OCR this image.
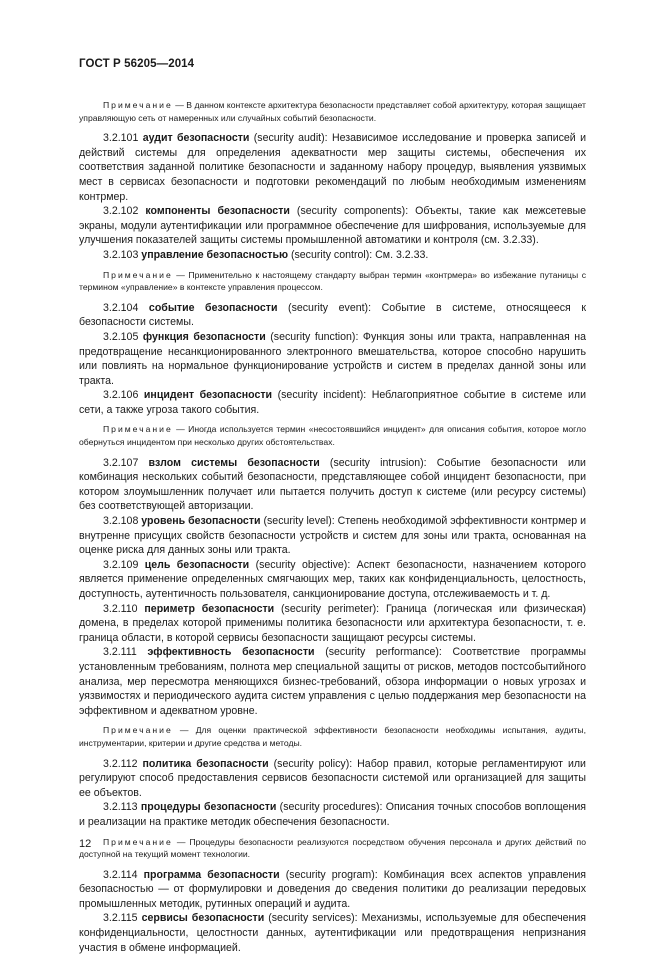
ГОСТ Р 56205—2014

Примечание — В данном контексте архитектура безопасности представляет собой архитектуру, которая защищает управляющую сеть от намеренных или случайных событий безопасности.

3.2.101 аудит безопасности (security audit): Независимое исследование и проверка записей и действий системы для определения адекватности мер защиты системы, обеспечения их соответствия заданной политике безопасности и заданному набору процедур, выявления уязвимых мест в сервисах безопасности и подготовки рекомендаций по любым необходимым изменениям контрмер.

3.2.102 компоненты безопасности (security components): Объекты, такие как межсетевые экраны, модули аутентификации или программное обеспечение для шифрования, используемые для улучшения показателей защиты системы промышленной автоматики и контроля (см. 3.2.33).

3.2.103 управление безопасностью (security control): См. 3.2.33.

Примечание — Применительно к настоящему стандарту выбран термин «контрмера» во избежание путаницы с термином «управление» в контексте управления процессом.

3.2.104 событие безопасности (security event): Событие в системе, относящееся к безопасности системы.

3.2.105 функция безопасности (security function): Функция зоны или тракта, направленная на предотвращение несанкционированного электронного вмешательства, которое способно нарушить или повлиять на нормальное функционирование устройств и систем в пределах данной зоны или тракта.

3.2.106 инцидент безопасности (security incident): Неблагоприятное событие в системе или сети, а также угроза такого события.

Примечание — Иногда используется термин «несостоявшийся инцидент» для описания события, которое могло обернуться инцидентом при несколько других обстоятельствах.

3.2.107 взлом системы безопасности (security intrusion): Событие безопасности или комбинация нескольких событий безопасности, представляющее собой инцидент безопасности, при котором злоумышленник получает или пытается получить доступ к системе (или ресурсу системы) без соответствующей авторизации.

3.2.108 уровень безопасности (security level): Степень необходимой эффективности контрмер и внутренне присущих свойств безопасности устройств и систем для зоны или тракта, основанная на оценке риска для данных зоны или тракта.

3.2.109 цель безопасности (security objective): Аспект безопасности, назначением которого является применение определенных смягчающих мер, таких как конфиденциальность, целостность, доступность, аутентичность пользователя, санкционирование доступа, отслеживаемость и т. д.

3.2.110 периметр безопасности (security perimeter): Граница (логическая или физическая) домена, в пределах которой применимы политика безопасности или архитектура безопасности, т. е. граница области, в которой сервисы безопасности защищают ресурсы системы.

3.2.111 эффективность безопасности (security performance): Соответствие программы установленным требованиям, полнота мер специальной защиты от рисков, методов постсобытийного анализа, мер пересмотра меняющихся бизнес-требований, обзора информации о новых угрозах и уязвимостях и периодического аудита систем управления с целью поддержания мер безопасности на эффективном и адекватном уровне.

Примечание — Для оценки практической эффективности безопасности необходимы испытания, аудиты, инструментарии, критерии и другие средства и методы.

3.2.112 политика безопасности (security policy): Набор правил, которые регламентируют или регулируют способ предоставления сервисов безопасности системой или организацией для защиты ее объектов.

3.2.113 процедуры безопасности (security procedures): Описания точных способов воплощения и реализации на практике методик обеспечения безопасности.

Примечание — Процедуры безопасности реализуются посредством обучения персонала и других действий по доступной на текущий момент технологии.

3.2.114 программа безопасности (security program): Комбинация всех аспектов управления безопасностью — от формулировки и доведения до сведения политики до реализации передовых промышленных методик, рутинных операций и аудита.

3.2.115 сервисы безопасности (security services): Механизмы, используемые для обеспечения конфиденциальности, целостности данных, аутентификации или предотвращения непризнания участия в обмене информацией.

12
